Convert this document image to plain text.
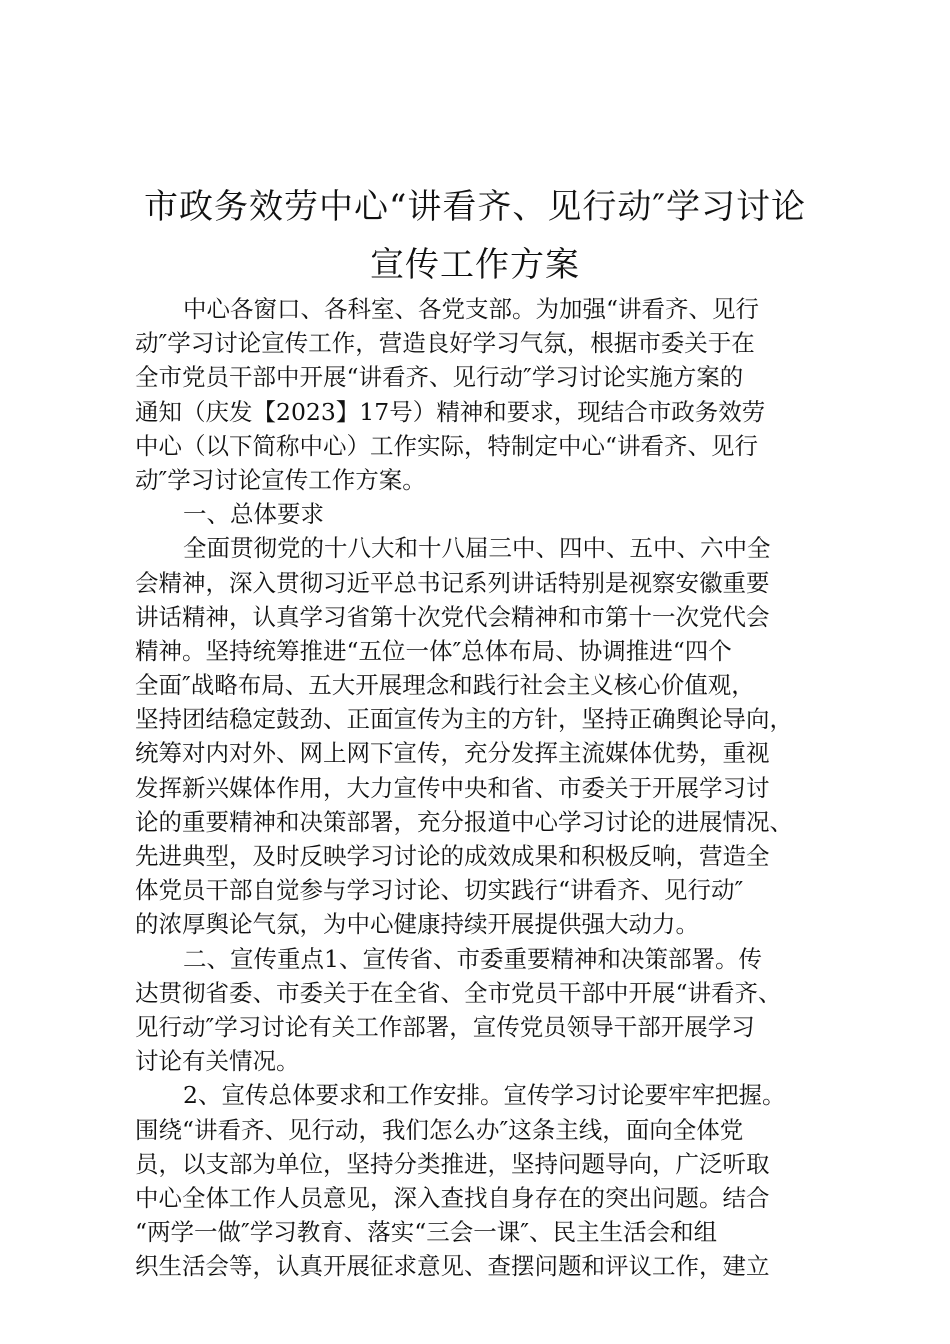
市政务效劳中心“讲看齐、见行动″学习讨论
宣传工作方案
中心各窗口、各科室、各党支部。为加强“讲看齐、见行
动″学习讨论宣传工作，营造良好学习气氛，根据市委关于在
全市党员干部中开展“讲看齐、见行动″学习讨论实施方案的
通知（庆发【2023】17号）精神和要求，现结合市政务效劳
中心（以下简称中心）工作实际，特制定中心“讲看齐、见行
动″学习讨论宣传工作方案。
一、总体要求
全面贯彻党的十八大和十八届三中、四中、五中、六中全
会精神，深入贯彻习近平总书记系列讲话特别是视察安徽重要
讲话精神，认真学习省第十次党代会精神和市第十一次党代会
精神。坚持统筹推进“五位一体″总体布局、协调推进“四个
全面″战略布局、五大开展理念和践行社会主义核心价值观，
坚持团结稳定鼓劲、正面宣传为主的方针，坚持正确舆论导向，
统筹对内对外、网上网下宣传，充分发挥主流媒体优势，重视
发挥新兴媒体作用，大力宣传中央和省、市委关于开展学习讨
论的重要精神和决策部署，充分报道中心学习讨论的进展情况、
先进典型，及时反映学习讨论的成效成果和积极反响，营造全
体党员干部自觉参与学习讨论、切实践行“讲看齐、见行动″
的浓厚舆论气氛，为中心健康持续开展提供强大动力。
二、宣传重点1、宣传省、市委重要精神和决策部署。传
达贯彻省委、市委关于在全省、全市党员干部中开展“讲看齐、
见行动″学习讨论有关工作部署，宣传党员领导干部开展学习
讨论有关情况。
2、宣传总体要求和工作安排。宣传学习讨论要牢牢把握。
围绕“讲看齐、见行动，我们怎么办″这条主线，面向全体党
员，以支部为单位，坚持分类推进，坚持问题导向，广泛听取
中心全体工作人员意见，深入查找自身存在的突出问题。结合
“两学一做″学习教育、落实“三会一课″、民主生活会和组
织生活会等，认真开展征求意见、查摆问题和评议工作，建立
